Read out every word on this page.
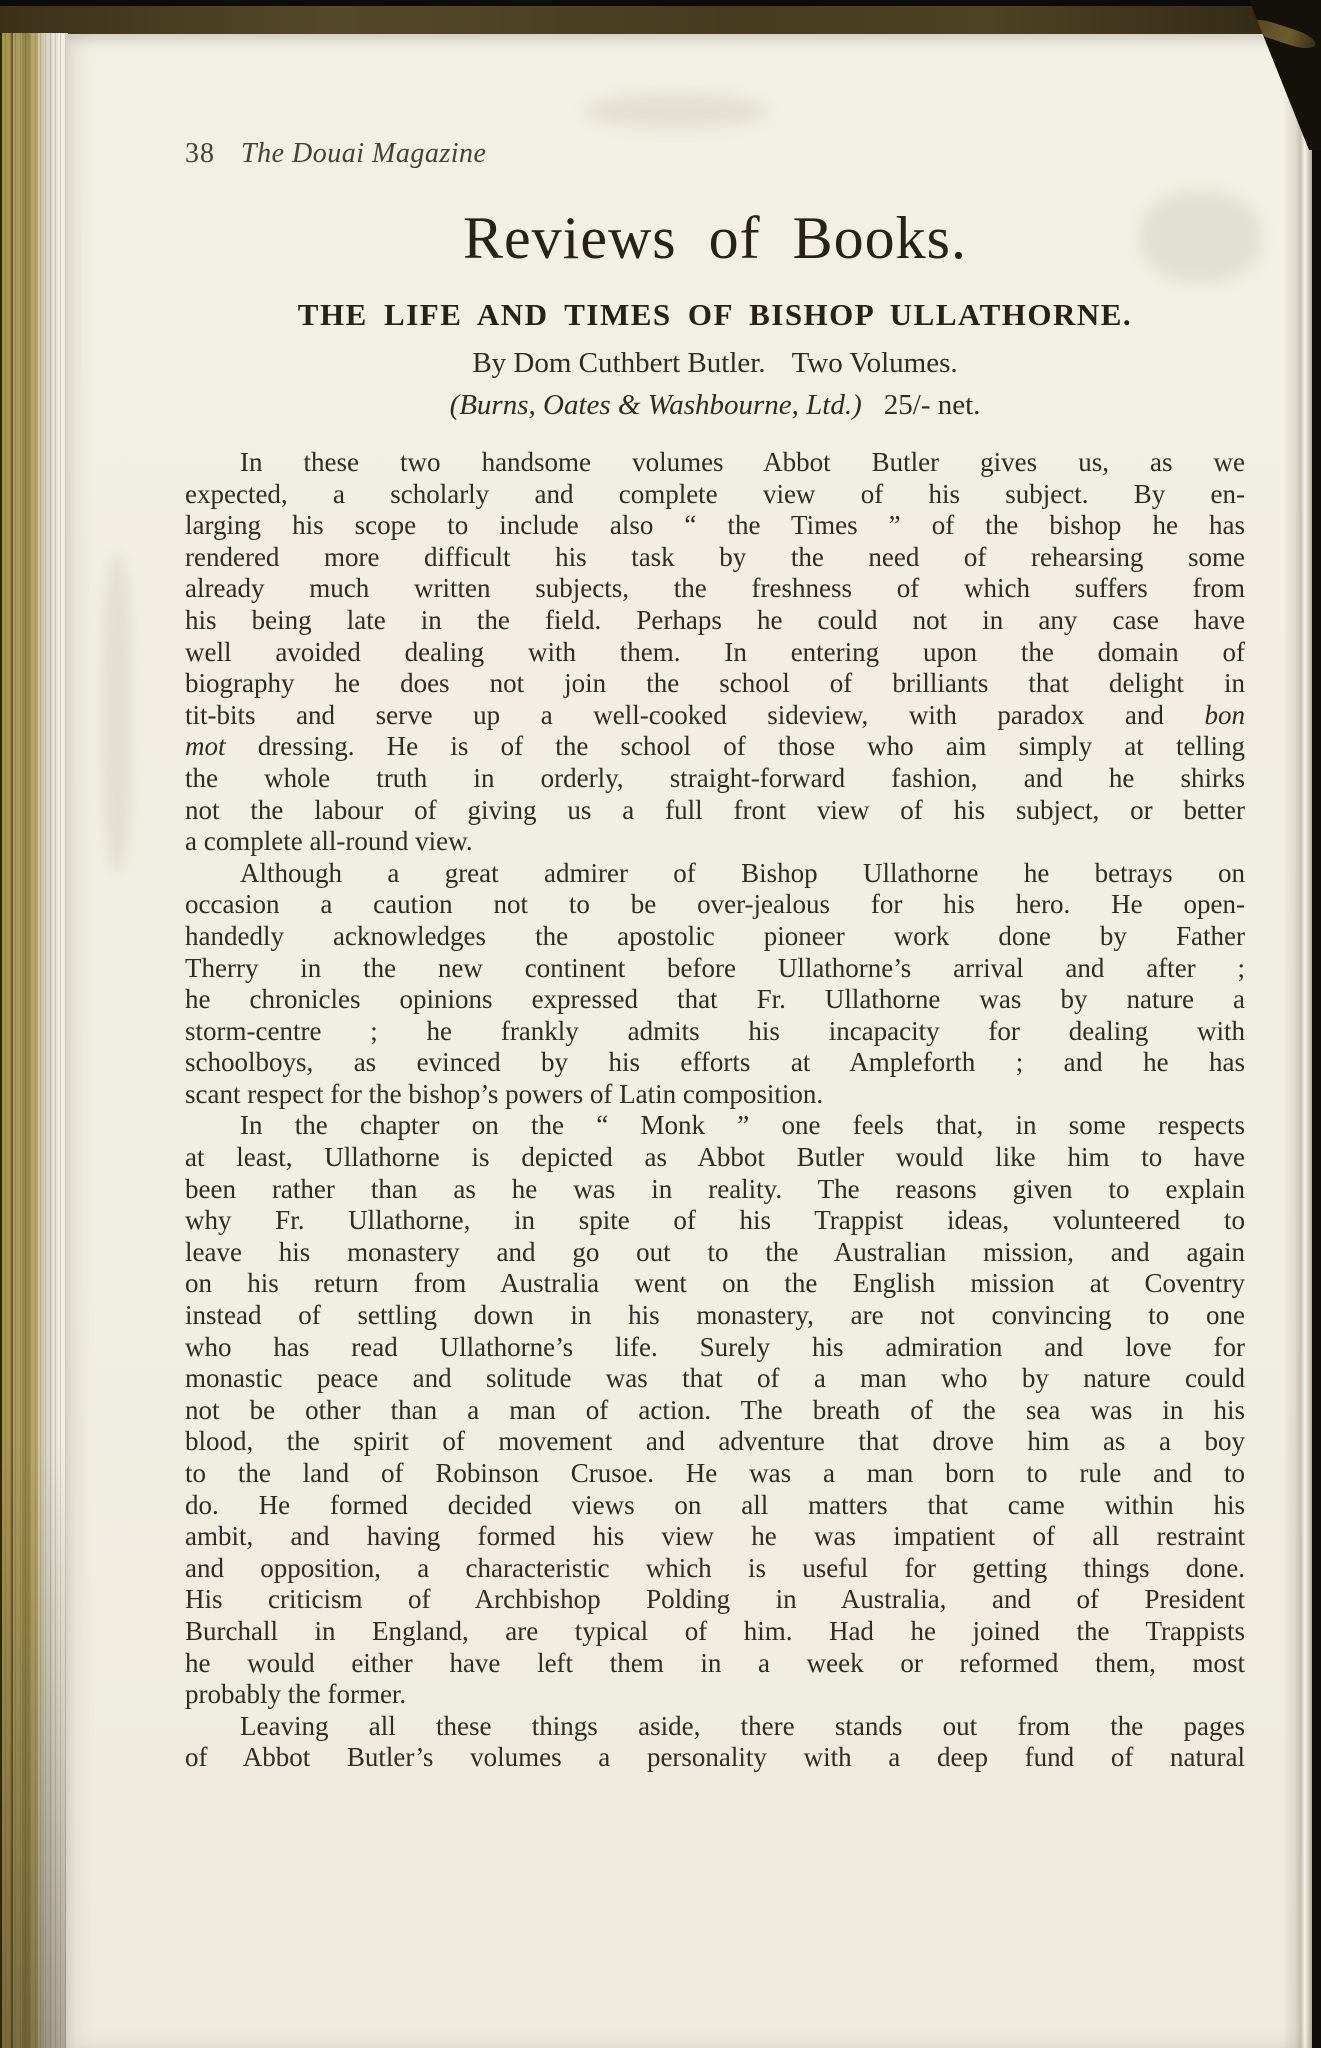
38 The Douai Magazine
Reviews of Books.
THE LIFE AND TIMES OF BISHOP ULLATHORNE.
By Dom Cuthbert Butler. Two Volumes.
(Burns, Oates & Washbourne, Ltd.) 25/- net.
In these two handsome volumes Abbot Butler gives us, as we
expected, a scholarly and complete view of his subject. By en-
larging his scope to include also “ the Times ” of the bishop he has
rendered more difficult his task by the need of rehearsing some
already much written subjects, the freshness of which suffers from
his being late in the field. Perhaps he could not in any case have
well avoided dealing with them. In entering upon the domain of
biography he does not join the school of brilliants that delight in
tit-bits and serve up a well-cooked sideview, with paradox and bon
mot dressing. He is of the school of those who aim simply at telling
the whole truth in orderly, straight-forward fashion, and he shirks
not the labour of giving us a full front view of his subject, or better
a complete all-round view.
Although a great admirer of Bishop Ullathorne he betrays on
occasion a caution not to be over-jealous for his hero. He open-
handedly acknowledges the apostolic pioneer work done by Father
Therry in the new continent before Ullathorne’s arrival and after ;
he chronicles opinions expressed that Fr. Ullathorne was by nature a
storm-centre ; he frankly admits his incapacity for dealing with
schoolboys, as evinced by his efforts at Ampleforth ; and he has
scant respect for the bishop’s powers of Latin composition.
In the chapter on the “ Monk ” one feels that, in some respects
at least, Ullathorne is depicted as Abbot Butler would like him to have
been rather than as he was in reality. The reasons given to explain
why Fr. Ullathorne, in spite of his Trappist ideas, volunteered to
leave his monastery and go out to the Australian mission, and again
on his return from Australia went on the English mission at Coventry
instead of settling down in his monastery, are not convincing to one
who has read Ullathorne’s life. Surely his admiration and love for
monastic peace and solitude was that of a man who by nature could
not be other than a man of action. The breath of the sea was in his
blood, the spirit of movement and adventure that drove him as a boy
to the land of Robinson Crusoe. He was a man born to rule and to
do. He formed decided views on all matters that came within his
ambit, and having formed his view he was impatient of all restraint
and opposition, a characteristic which is useful for getting things done.
His criticism of Archbishop Polding in Australia, and of President
Burchall in England, are typical of him. Had he joined the Trappists
he would either have left them in a week or reformed them, most
probably the former.
Leaving all these things aside, there stands out from the pages
of Abbot Butler’s volumes a personality with a deep fund of natural
